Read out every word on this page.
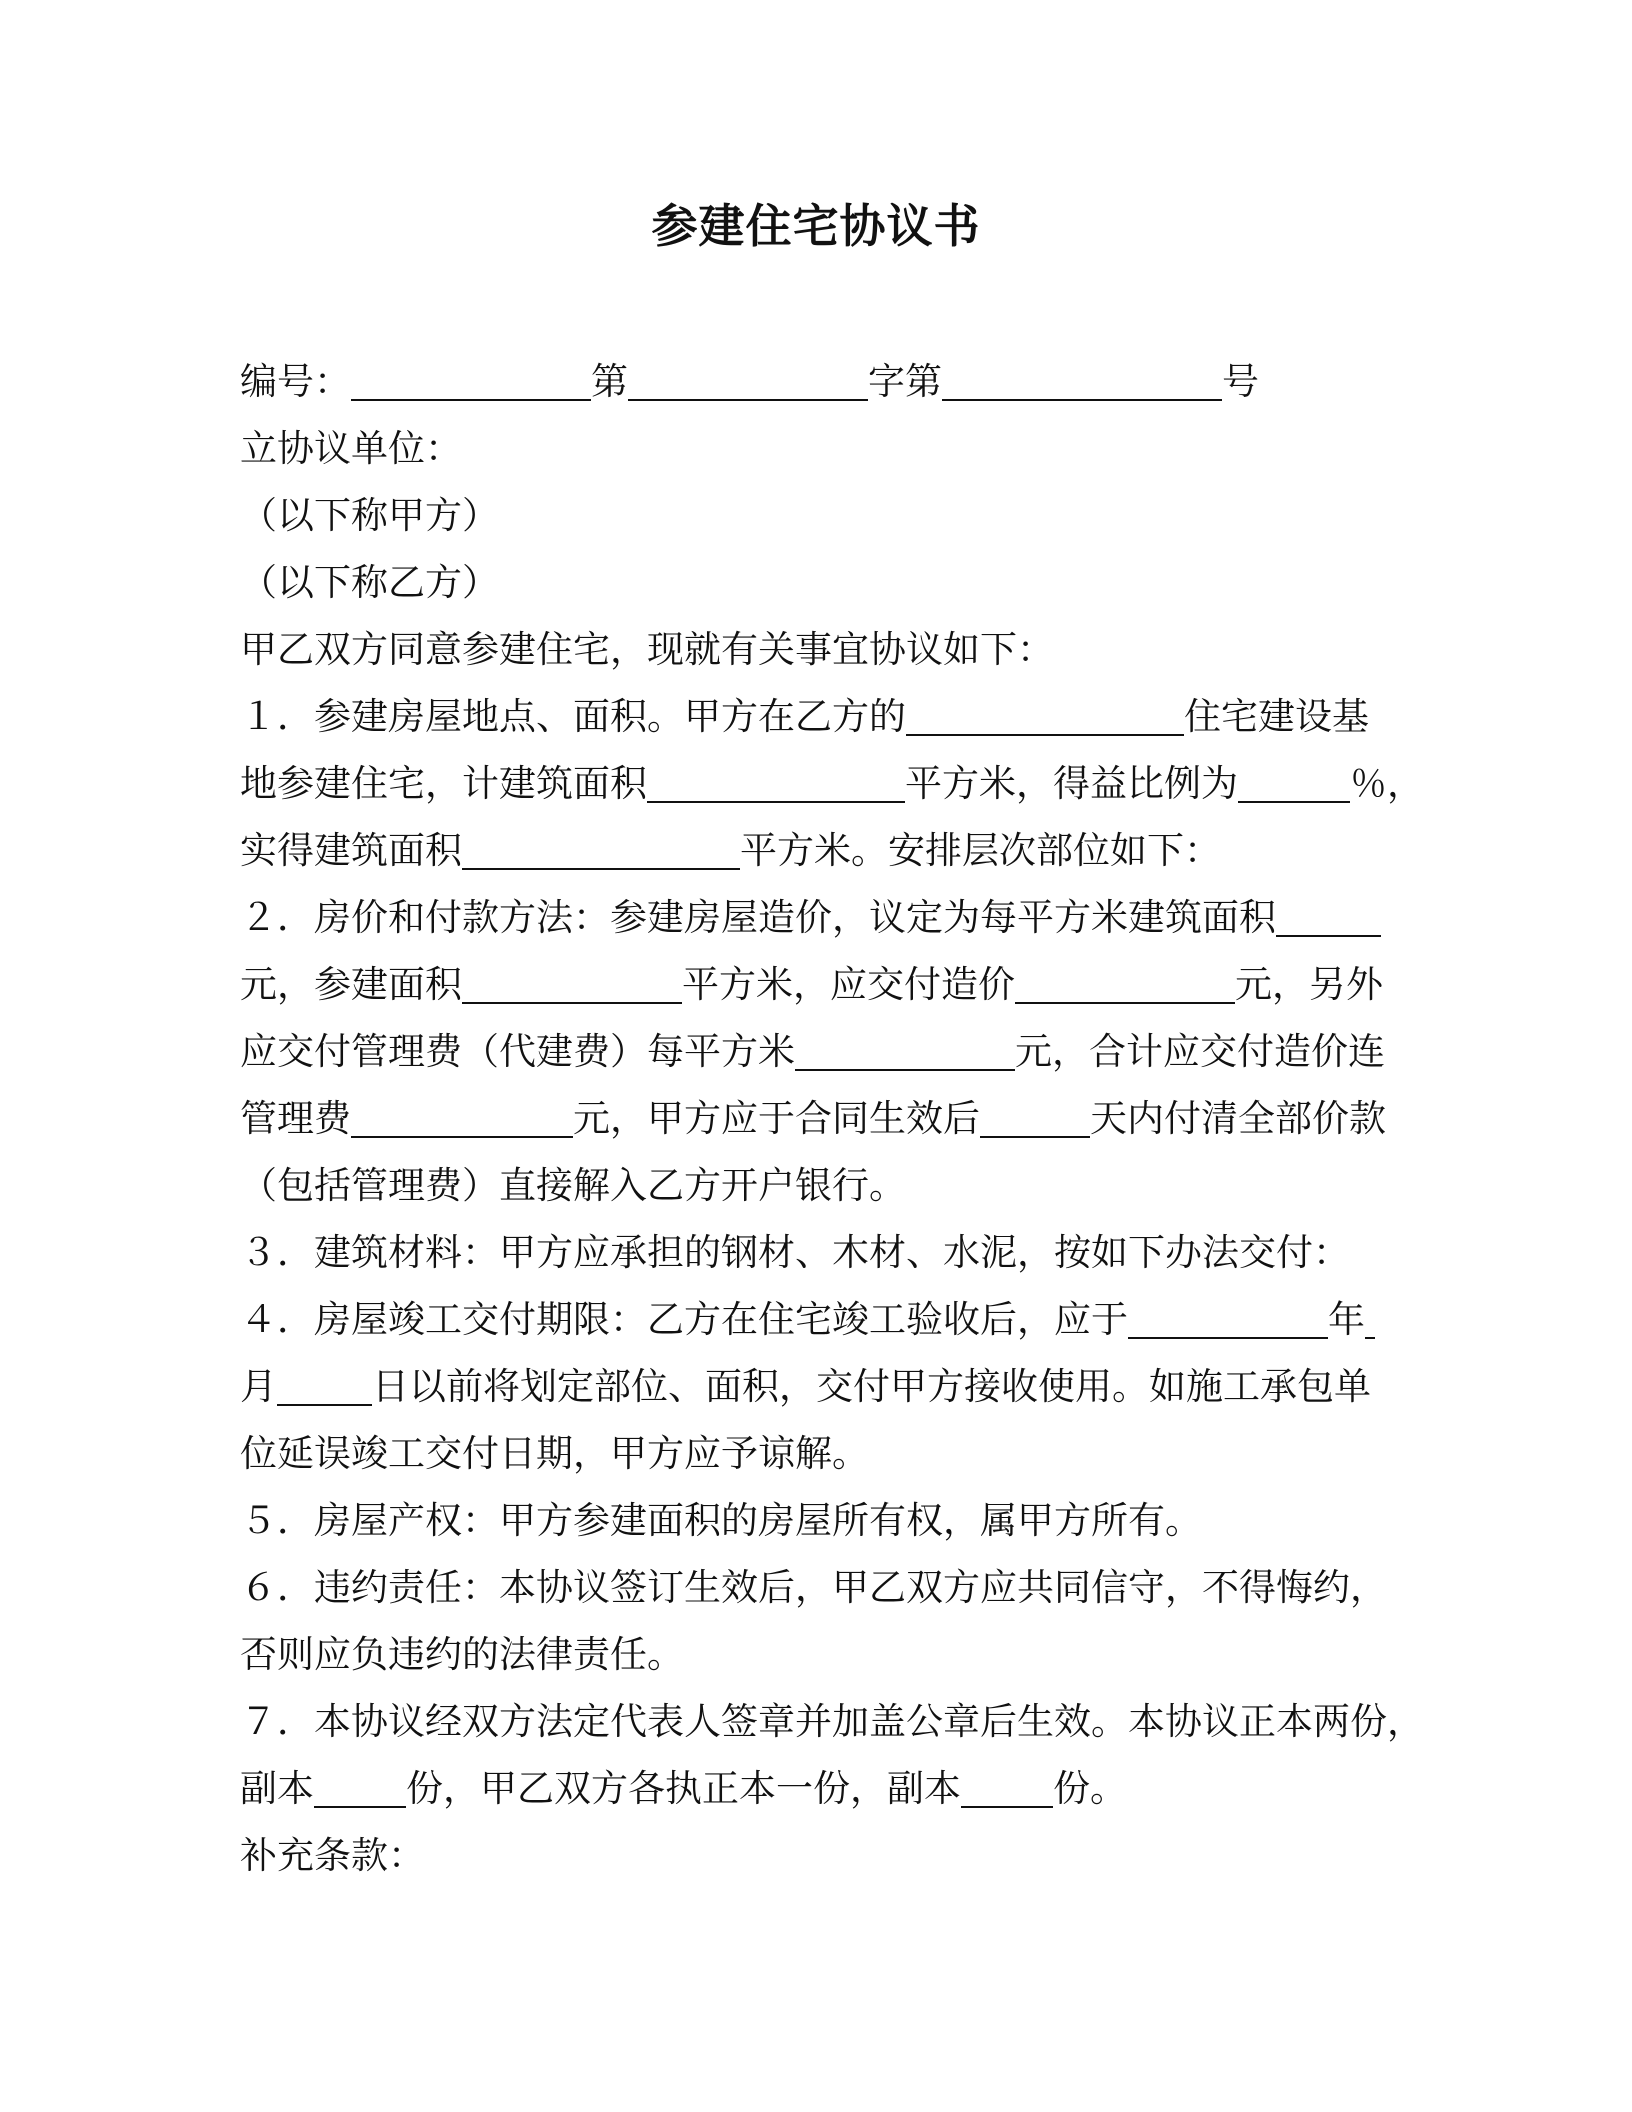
参建住宅协议书
编号：	第	字第	号
立协议单位：
（以下称甲方）
（以下称乙方）
甲乙双方同意参建住宅，现就有关事宜协议如下：
１．参建房屋地点、面积。甲方在乙方的	住宅建设基
地参建住宅，计建筑面积	平方米，得益比例为	％，
实得建筑面积	平方米。安排层次部位如下：
２．房价和付款方法：参建房屋造价，议定为每平方米建筑面积
元，参建面积	平方米，应交付造价	元，另外
应交付管理费（代建费）每平方米	元，合计应交付造价连
管理费	元，甲方应于合同生效后	天内付清全部价款
（包括管理费）直接解入乙方开户银行。
３．建筑材料：甲方应承担的钢材、木材、水泥，按如下办法交付：
４．房屋竣工交付期限：乙方在住宅竣工验收后，应于	年
月	日以前将划定部位、面积，交付甲方接收使用。如施工承包单
位延误竣工交付日期，甲方应予谅解。
５．房屋产权：甲方参建面积的房屋所有权，属甲方所有。
６．违约责任：本协议签订生效后，甲乙双方应共同信守，不得悔约，
否则应负违约的法律责任。
７．本协议经双方法定代表人签章并加盖公章后生效。本协议正本两份，
副本 份，甲乙双方各执正本一份，副本 份。
补充条款：
